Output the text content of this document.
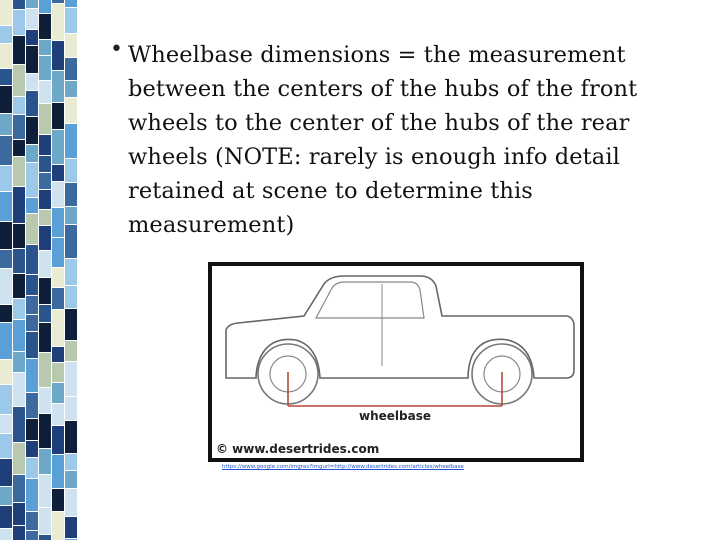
• Wheelbase dimensions = the measurement between the centers of the hubs of the front wheels to the center of the hubs of the rear wheels (NOTE: rarely is enough info detail retained at scene to determine this measurement)
wheelbase
© www.desertrides.com
https://www.google.com/imgres?imgurl=http://www.desertrides.com/articles/wheelbase
